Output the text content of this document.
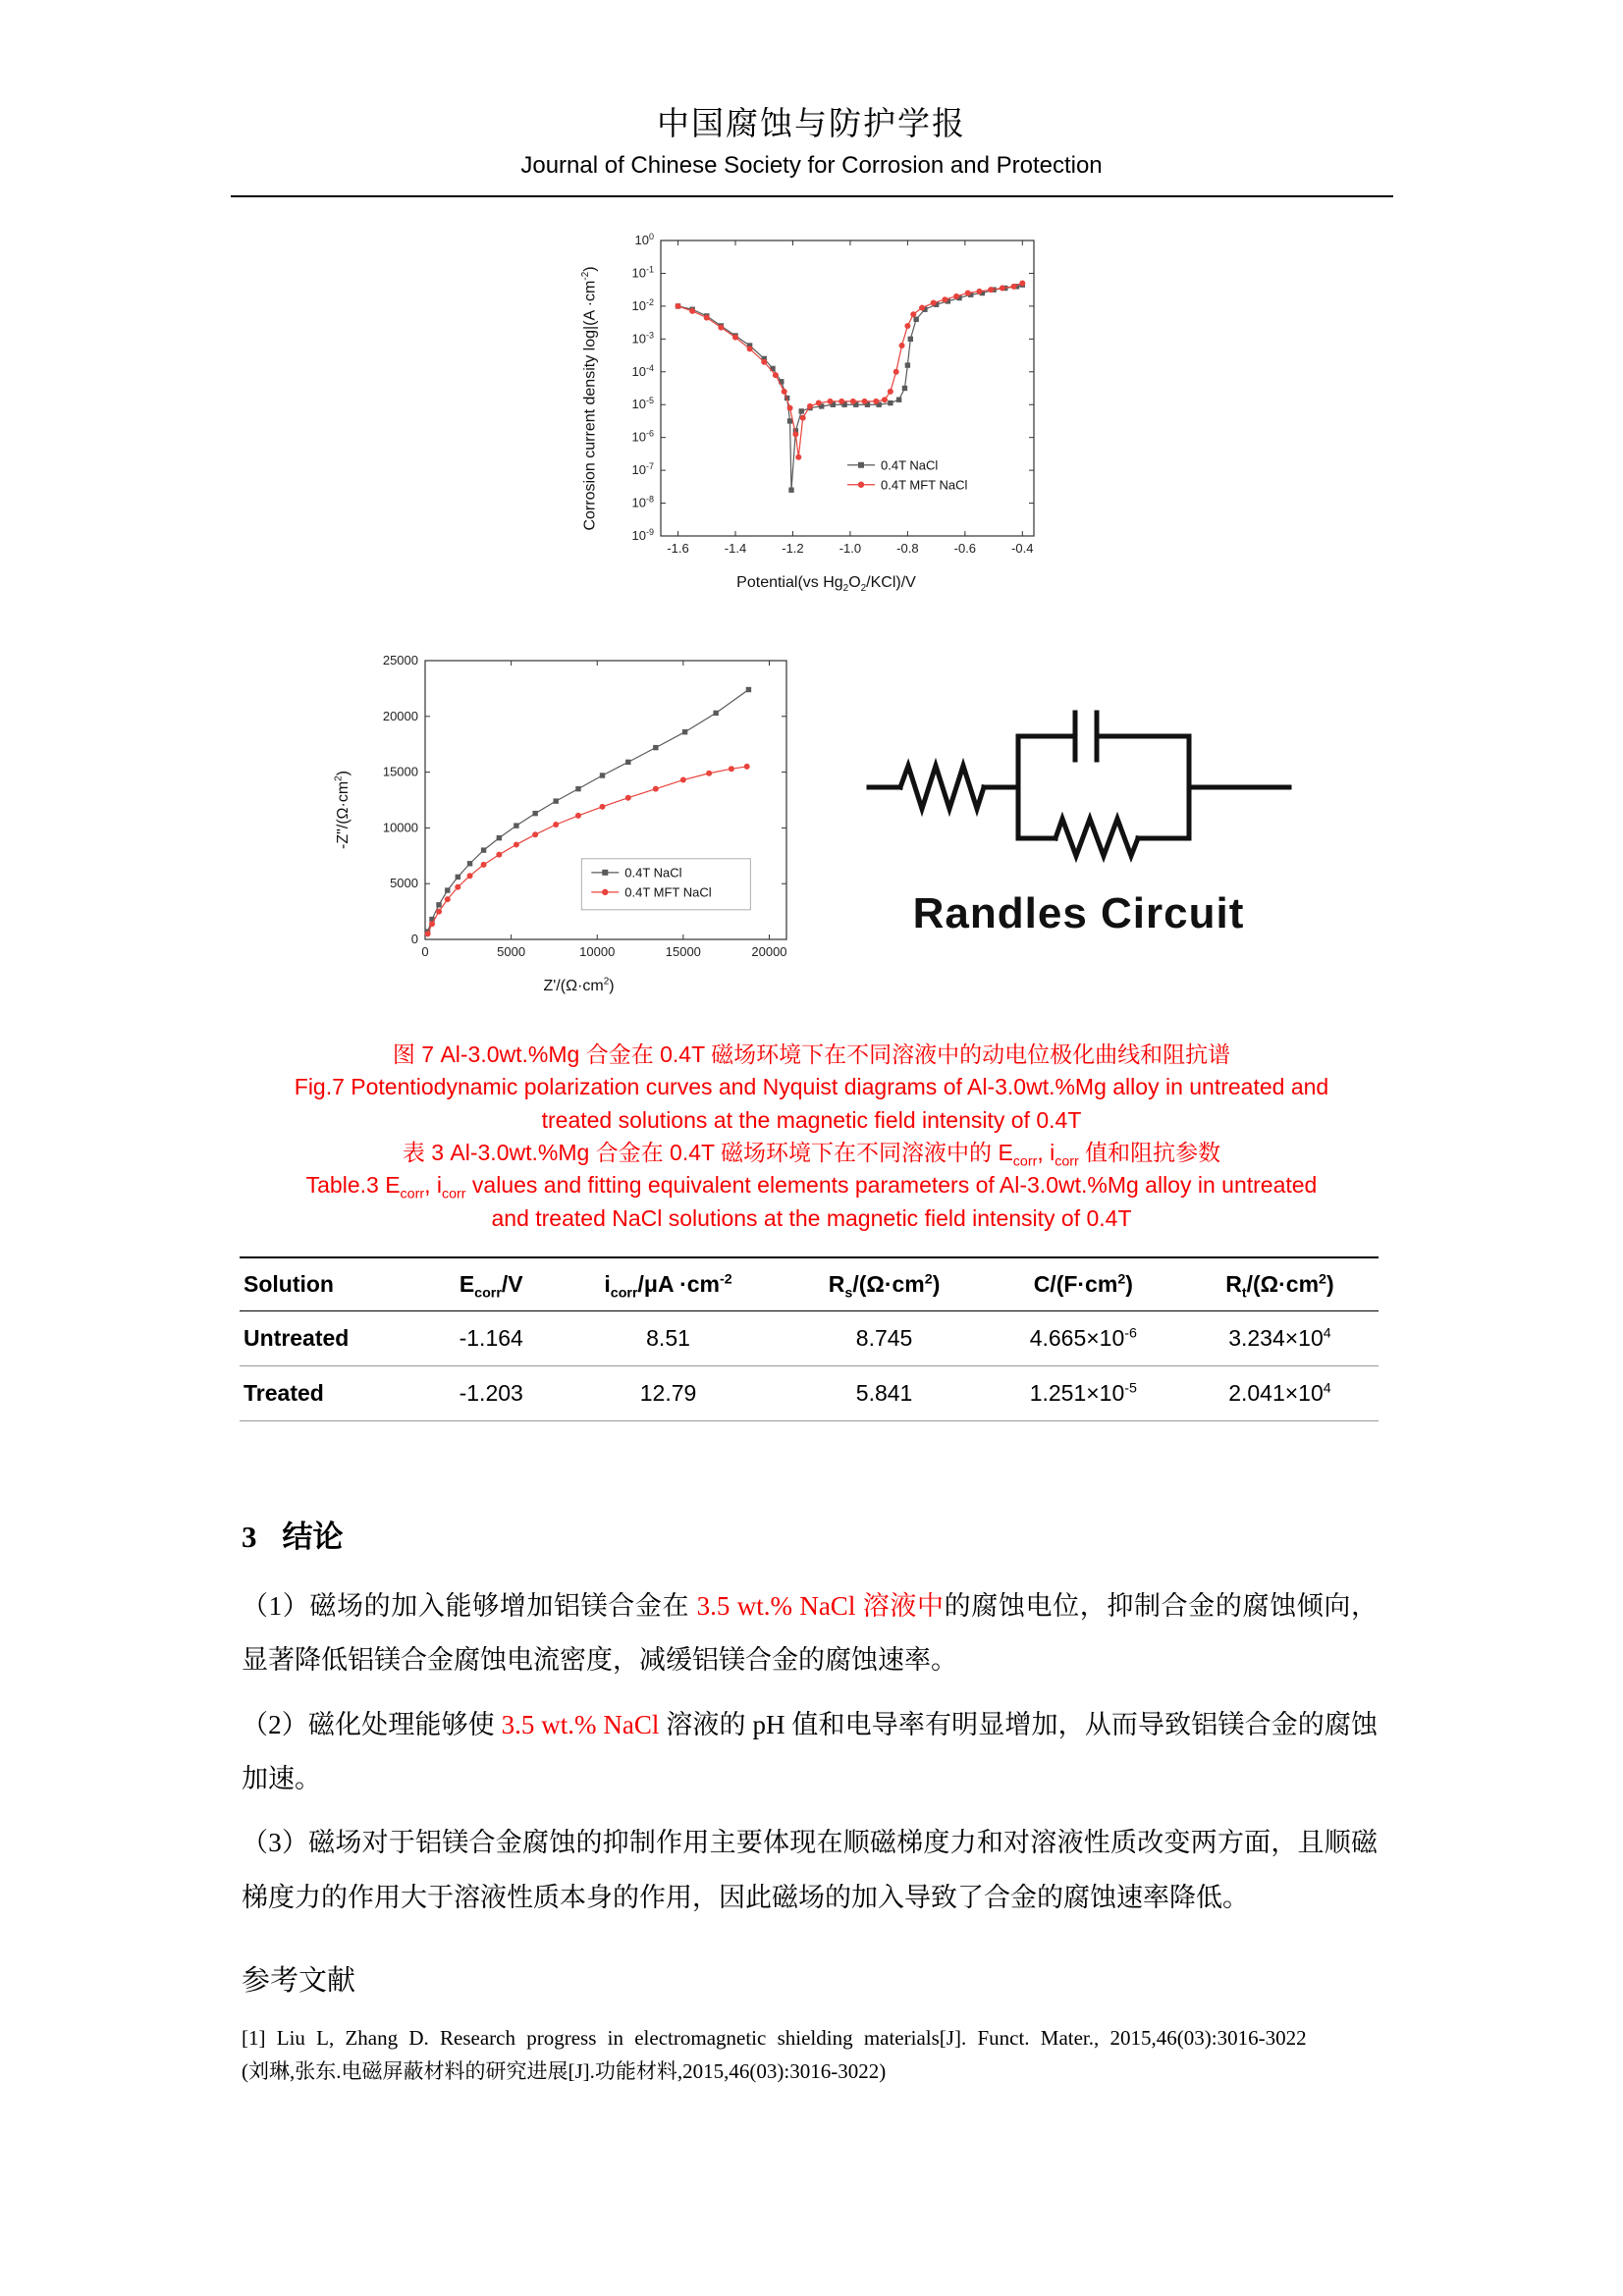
中国腐蚀与防护学报
Journal of Chinese Society for Corrosion and Protection
Corrosion current density $\log|(A \cdot cm^{-2})$
-1.6	-1.4	-1.2	-1.0	-0.8	-0.6	-0.4
$10^0$
$10^{-1}$
$10^{-2}$
$10^{-3}$
$10^{-4}$
$10^{-5}$
$10^{-6}$
$10^{-7}$
$10^{-8}$
$10^{-9}$
0.4T NaCl
0.4T MFT NaCl
Potential(vs $Hg_2O_2/KCl)/V$
$-Z"/(\Omega\cdot cm^2)$
0	5000	10000	15000	20000
0
5000
10000
15000
20000
25000
0.4T NaCl
0.4T MFT NaCl
$Z'/(\Omega\cdot cm^2)$
Randles Circuit
图 7 Al-3.0wt.%Mg 合金在 0.4T 磁场环境下在不同溶液中的动电位极化曲线和阻抗谱
Fig.7 Potentiodynamic polarization curves and Nyquist diagrams of Al-3.0wt.%Mg alloy in untreated and treated solutions at the magnetic field intensity of 0.4T
表 3 Al-3.0wt.%Mg 合金在 0.4T 磁场环境下在不同溶液中的 $E_{corr}$, $i_{corr}$ 值和阻抗参数
Table.3 $E_{corr}$, $i_{corr}$ values and fitting equivalent elements parameters of Al-3.0wt.%Mg alloy in untreated and treated NaCl solutions at the magnetic field intensity of 0.4T
Solution	$E_{corr}/V$	$i_{corr}/\mu A \cdot cm^{-2}$	$R_s/(\Omega\cdot cm^2)$	$C/(F\cdot cm^2)$	$R_t/(\Omega\cdot cm^2)$
Untreated	-1.164	8.51	8.745	$4.665\times 10^{-6}$	$3.234\times 10^4$
Treated	-1.203	12.79	5.841	$1.251\times 10^{-5}$	$2.041\times 10^4$
3 结论

（1）磁场的加入能够增加铝镁合金在 3.5 wt.% NaCl 溶液中的腐蚀电位，抑制合金的腐蚀倾向，显著降低铝镁合金腐蚀电流密度，减缓铝镁合金的腐蚀速率。

（2）磁化处理能够使 3.5 wt.% NaCl 溶液的 pH 值和电导率有明显增加，从而导致铝镁合金的腐蚀加速。

（3）磁场对于铝镁合金腐蚀的抑制作用主要体现在顺磁梯度力和对溶液性质改变两方面，且顺磁梯度力的作用大于溶液性质本身的作用，因此磁场的加入导致了合金的腐蚀速率降低。

参考文献
[1] Liu L, Zhang D. Research progress in electromagnetic shielding materials[J]. Funct. Mater., 2015,46(03):3016-3022
(刘琳,张东.电磁屏蔽材料的研究进展[J].功能材料,2015,46(03):3016-3022)
